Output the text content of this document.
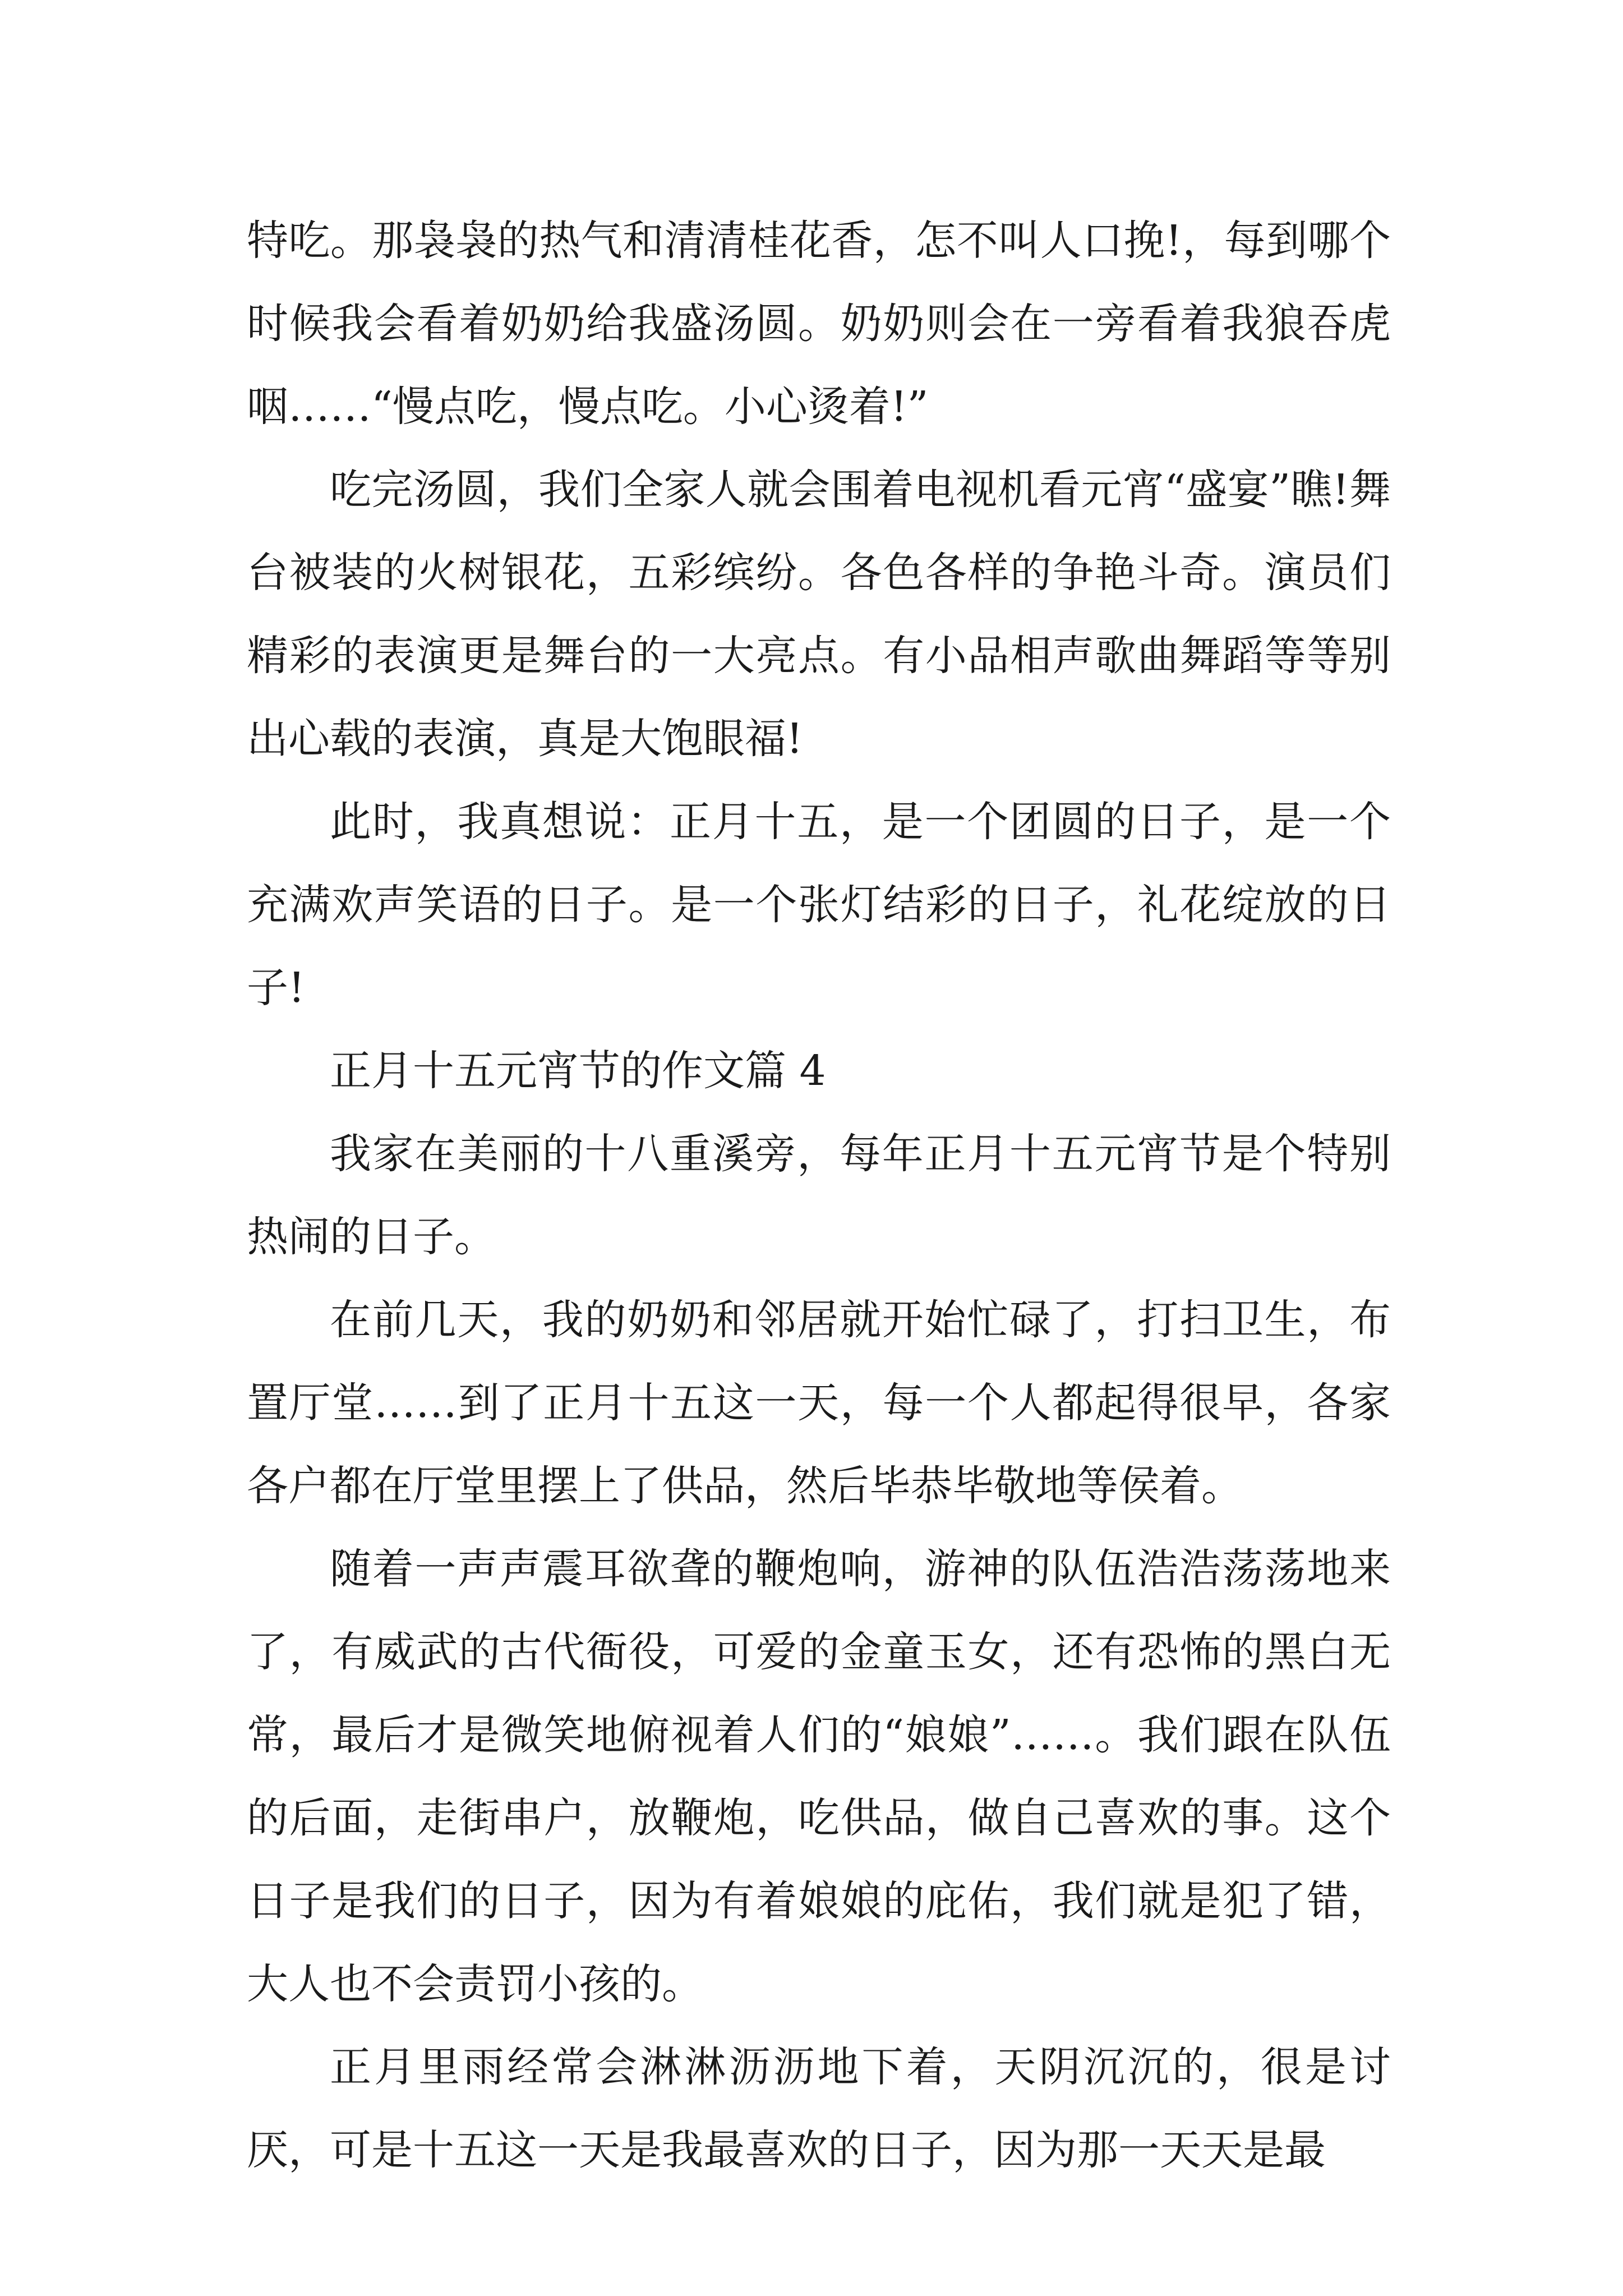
特吃。那袅袅的热气和清清桂花香，怎不叫人口挽!，每到哪个时候我会看着奶奶给我盛汤圆。奶奶则会在一旁看着我狼吞虎咽……“慢点吃，慢点吃。小心烫着!”

吃完汤圆，我们全家人就会围着电视机看元宵“盛宴”瞧!舞台被装的火树银花，五彩缤纷。各色各样的争艳斗奇。演员们精彩的表演更是舞台的一大亮点。有小品相声歌曲舞蹈等等别出心载的表演，真是大饱眼福!

此时，我真想说：正月十五，是一个团圆的日子，是一个充满欢声笑语的日子。是一个张灯结彩的日子，礼花绽放的日子!

正月十五元宵节的作文篇 4

我家在美丽的十八重溪旁，每年正月十五元宵节是个特别热闹的日子。

在前几天，我的奶奶和邻居就开始忙碌了，打扫卫生，布置厅堂……到了正月十五这一天，每一个人都起得很早，各家各户都在厅堂里摆上了供品，然后毕恭毕敬地等侯着。

随着一声声震耳欲聋的鞭炮响，游神的队伍浩浩荡荡地来了，有威武的古代衙役，可爱的金童玉女，还有恐怖的黑白无常，最后才是微笑地俯视着人们的“娘娘”……。我们跟在队伍的后面，走街串户，放鞭炮，吃供品，做自己喜欢的事。这个日子是我们的日子，因为有着娘娘的庇佑，我们就是犯了错，大人也不会责罚小孩的。

正月里雨经常会淋淋沥沥地下着，天阴沉沉的，很是讨厌，可是十五这一天是我最喜欢的日子，因为那一天天是最
